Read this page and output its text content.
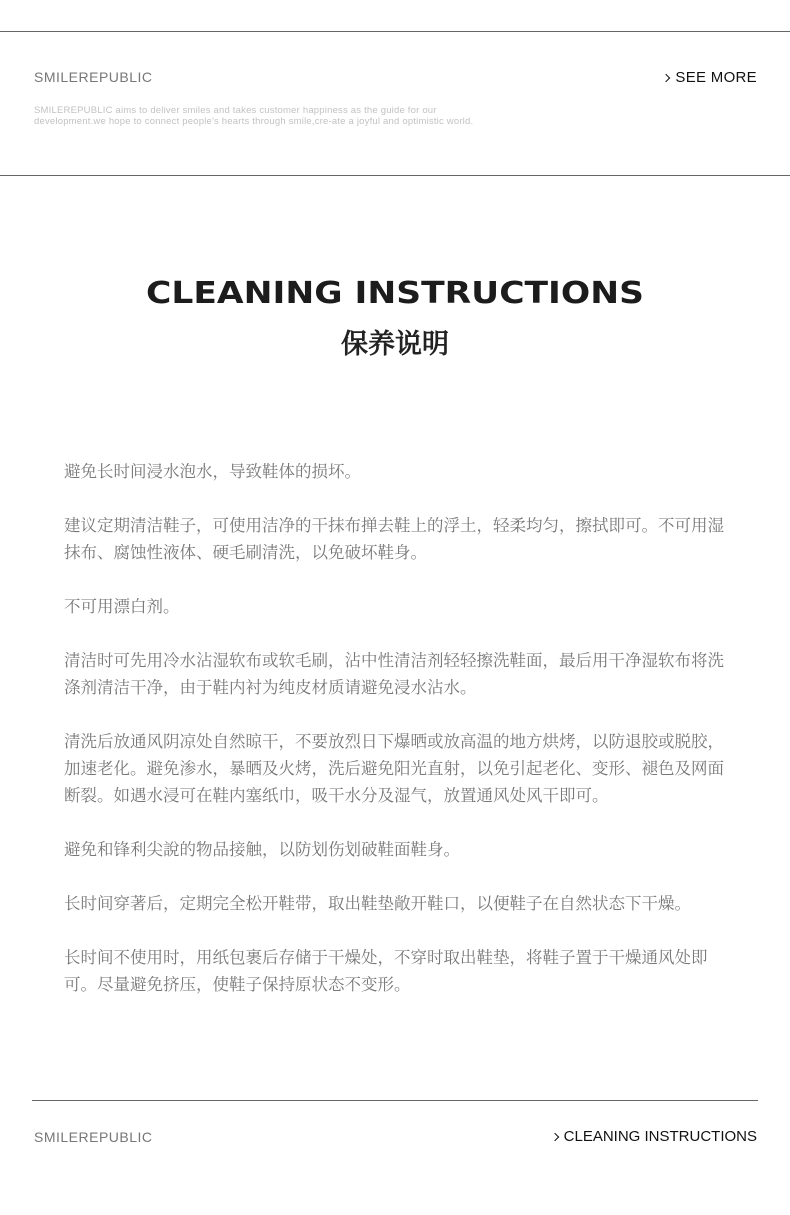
SMILEREPUBLIC	SEE MORE
SMILEREPUBLIC aims to deliver smiles and takes customer happiness as the guide for our development.we hope to connect people's hearts through smile,cre-ate a joyful and optimistic world.
CLEANING INSTRUCTIONS
保养说明

避免长时间浸水泡水，导致鞋体的损坏。

建议定期清洁鞋子，可使用洁净的干抹布掸去鞋上的浮土，轻柔均匀，擦拭即可。不可用湿抹布、腐蚀性液体、硬毛刷清洗，以免破坏鞋身。

不可用漂白剂。

清洁时可先用冷水沾湿软布或软毛刷，沾中性清洁剂轻轻擦洗鞋面，最后用干净湿软布将洗涤剂清洁干净，由于鞋内衬为纯皮材质请避免浸水沾水。

清洗后放通风阴凉处自然晾干，不要放烈日下爆晒或放高温的地方烘烤，以防退胶或脱胶，加速老化。避免渗水，暴晒及火烤，洗后避免阳光直射，以免引起老化、变形、褪色及网面断裂。如遇水浸可在鞋内塞纸巾，吸干水分及湿气，放置通风处风干即可。

避免和锋利尖說的物品接触，以防划伤划破鞋面鞋身。

长时间穿著后，定期完全松开鞋带，取出鞋垫敞开鞋口，以便鞋子在自然状态下干燥。

长时间不使用时，用纸包裹后存储于干燥处，不穿时取出鞋垫，将鞋子置于干燥通风处即可。尽量避免挤压，使鞋子保持原状态不变形。

SMILEREPUBLIC	CLEANING INSTRUCTIONS
